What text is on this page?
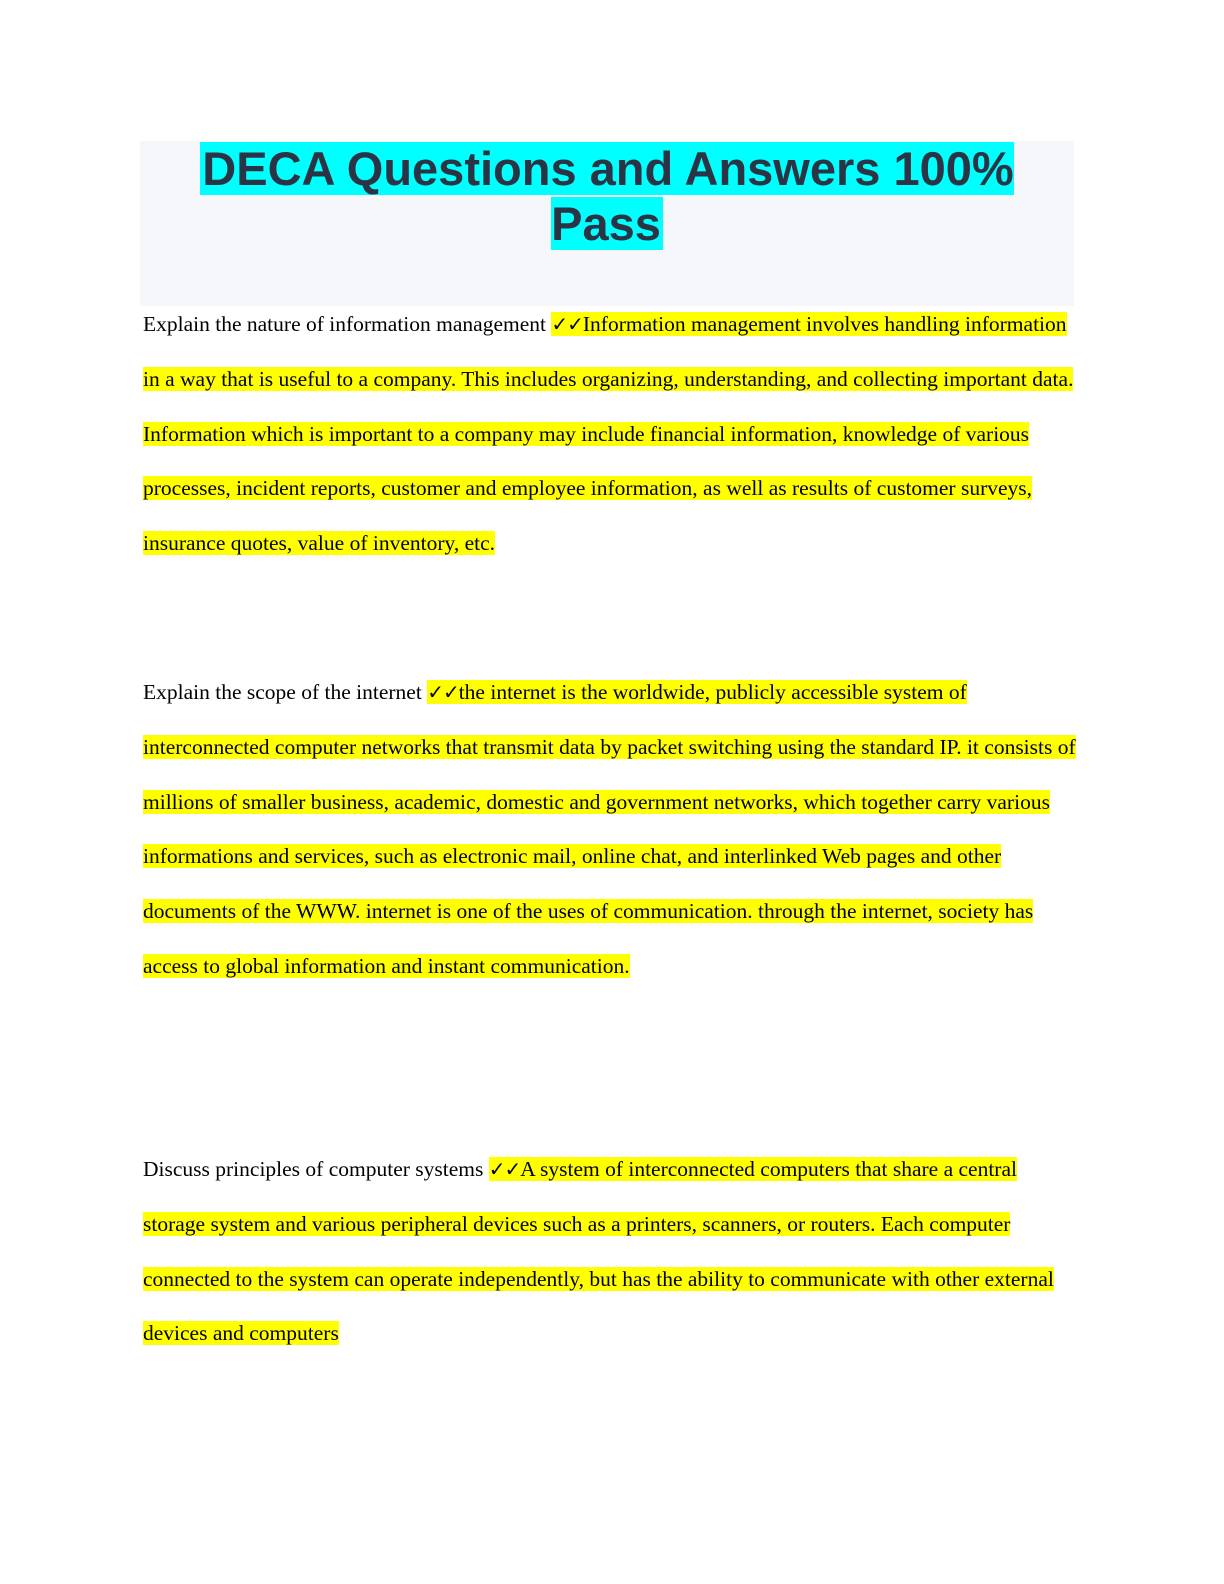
DECA Questions and Answers 100% Pass

Explain the nature of information management ✓✓Information management involves handling information in a way that is useful to a company. This includes organizing, understanding, and collecting important data. Information which is important to a company may include financial information, knowledge of various processes, incident reports, customer and employee information, as well as results of customer surveys, insurance quotes, value of inventory, etc.

Explain the scope of the internet ✓✓the internet is the worldwide, publicly accessible system of interconnected computer networks that transmit data by packet switching using the standard IP. it consists of millions of smaller business, academic, domestic and government networks, which together carry various informations and services, such as electronic mail, online chat, and interlinked Web pages and other documents of the WWW. internet is one of the uses of communication. through the internet, society has access to global information and instant communication.

Discuss principles of computer systems ✓✓A system of interconnected computers that share a central storage system and various peripheral devices such as a printers, scanners, or routers. Each computer connected to the system can operate independently, but has the ability to communicate with other external devices and computers
